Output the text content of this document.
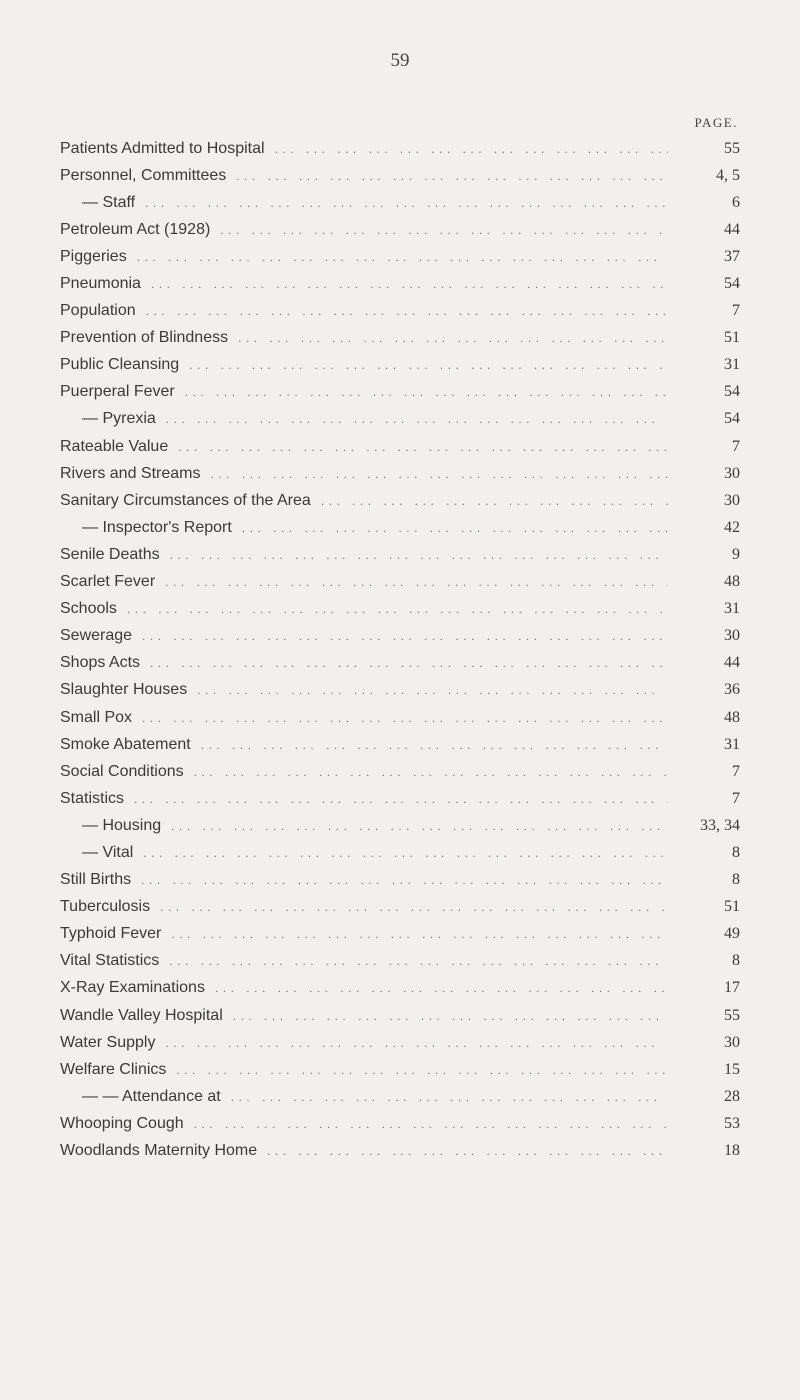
59
PAGE.
Patients Admitted to Hospital ... .	55
Personnel, Committees ... .	4, 5
— Staff ... .	6
Petroleum Act (1928) ... .	44
Piggeries ... .	37
Pneumonia ... .	54
Population ... .	7
Prevention of Blindness ... .	51
Public Cleansing ... .	31
Puerperal Fever ... .	54
— Pyrexia ... .	54
Rateable Value ... .	7
Rivers and Streams ... .	30
Sanitary Circumstances of the Area ... .	30
— Inspector's Report ... .	42
Senile Deaths ... .	9
Scarlet Fever ... .	48
Schools ... .	31
Sewerage ... .	30
Shops Acts ... .	44
Slaughter Houses ... .	36
Small Pox ... .	48
Smoke Abatement ... .	31
Social Conditions ... .	7
Statistics ... .	7
— Housing ... .	33, 34
— Vital ... .	8
Still Births ... .	8
Tuberculosis ... .	51
Typhoid Fever ... .	49
Vital Statistics ... .	8
X-Ray Examinations ... .	17
Wandle Valley Hospital ... .	55
Water Supply ... .	30
Welfare Clinics ... .	15
— — Attendance at ... .	28
Whooping Cough ... .	53
Woodlands Maternity Home ... .	18
